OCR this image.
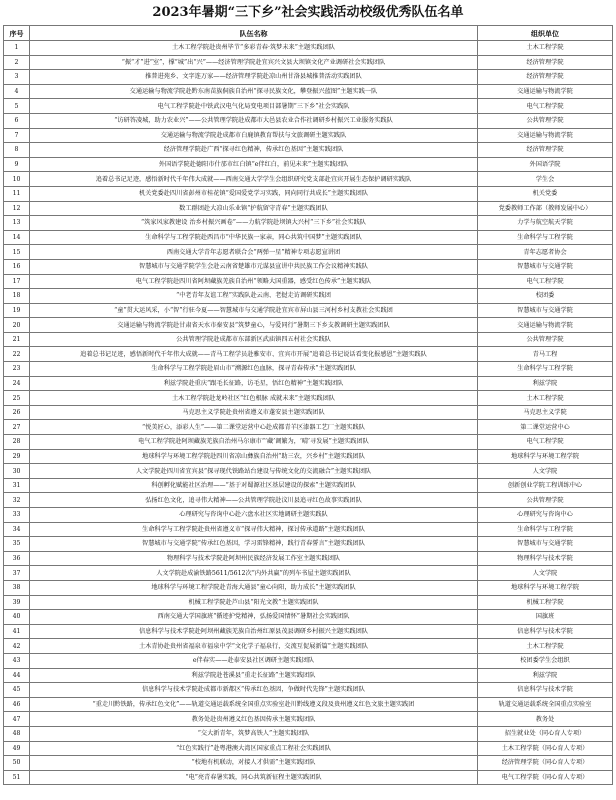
2023年暑期“三下乡”社会实践活动校级优秀队伍名单
序号	队伍名称	组织单位
1	土木工程学院赴贵州毕节“多彩青春·筑梦未来”主题实践团队	土木工程学院
2	“振“才”进“室”，撑“城”出“兴”——经济管理学院赴宜宾兴文县大坝镇文化产业调研社会实践团队	经济管理学院
3	推普进苑乡、文字连万家——经济管理学院赴凉山州甘洛县城推普活动实践团队	经济管理学院
4	交通运输与物流学院赴黔东南苗族侗族自治州“探寻民族文化，攀登振兴蓝图”主题实践一队	交通运输与物流学院
5	电气工程学院赴中铁武汉电气化局变电项目部暑期“三下乡”社会实践队	电气工程学院
6	“访研答凌城，助力农业兴”——公共管理学院赴成都市大邑县农业合作社调研乡村振兴工业服务实践队	公共管理学院
7	交通运输与物流学院赴成都市白鹿镇教育帮扶与文旅调研主题实践队	交通运输与物流学院
8	经济管理学院赴广西“探寻红色精神，传承红色基因”主题实践团队	经济管理学院
9	外国语学院赴德阳市什邡市红白镇“e伴红白，前见未来”主题实践团队	外国语学院
10	追着总书记足迹，感悟新时代千年伟大成就——西南交通大学学生会组织研究党支部赴宜宾开展生态保护调研实践队	学生会
11	机关党委赴四川省彭州市桂花镇“爱国爱党学习实践，同向同行共成长”主题实践团队	机关党委
12	数工群团赴大凉山乐业镇“护航留守青春”主题实践团队	党委教师工作部（教师发展中心）
13	“筑家风家教建设 治乡村振兴画卷”——力航学院赴坝镇大兴村“三下乡”社会实践队	力学与航空航天学院
14	生命科学与工程学院赴西昌市“中华民族一家亲，同心共筑中国梦”主题实践团队	生命科学与工程学院
15	西南交通大学青年志愿者联合会“两弹一星”精神专项志愿宣讲团	青年志愿者协会
16	智慧城市与交通学院学生会赴云南省楚雄市元谋县宣讲中共民族工作会议精神实践队	智慧城市与交通学院
17	电气工程学院赴四川省阿坝藏族羌族自治州“领略大国重器，感受红色传承”主题实践队	电气工程学院
18	“中老青年友谊工程”实践队赴云南、老挝走访调研实践团	校团委
19	“童”贯大运风采，小“智”行驻今夏——智慧城市与交通学院赴宜宾市屏山县三河村乡村支教社会实践团	智慧城市与交通学院
20	交通运输与物流学院赴甘肃省天水市秦安县“筑梦童心，与爱同行”暑期三下乡支教调研主题实践团队	交通运输与物流学院
21	公共管理学院赴成都市东部新区武庙镇四五村社会实践队	公共管理学院
22	追着总书记足迹，感悟新时代千年伟大成就——青马工程学员赴雅安市、宜宾市开展“追着总书记说话看变化报感恩”主题实践队	青马工程
23	生命科学与工程学院赴眉山市“溯源红色血脉，探寻青春传承”主题实践团队	生命科学与工程学院
24	利兹学院赴重庆“跟毛长征路，访毛星，悟红色精神”主题实践团队	利兹学院
25	土木工程学院赴龙岭社区“红色根脉 成就未来”主题实践团队	土木工程学院
26	马克思主义学院赴贵州省遵义市蓬安县主题实践团队	马克思主义学院
27	“悦美匠心，添彩人生”——第二课堂运营中心赴成都青羊区漆器工艺厂主题实践队	第二课堂运营中心
28	电气工程学院赴阿坝藏族羌族自治州马尔康市“‘藏’调繁为，‘晴’寻发展”主题实践团队	电气工程学院
29	地球科学与环境工程学院赴四川省凉山彝族自治州“助三农，兴乡村”主题实践团队	地球科学与环境工程学院
30	人文学院赴四川省宜宾县“探寻现代铁路站台建设与传统文化的交流融合”主题实践团队	人文学院
31	科创孵化赋能社区治理——“基于对蜀源社区基层建设的探索”主题实践团队	创新创业学院工程训练中心
32	弘扬红色文化，追寻伟大精神——公共管理学院赴汶川县追寻红色故事实践团队	公共管理学院
33	心理研究与咨询中心赴六盘水社区实地调研主题实践队	心理研究与咨询中心
34	生命科学与工程学院赴贵州省遵义市“探寻伟大精神，探讨传承道路”主题实践团队	生命科学与工程学院
35	智慧城市与交通学院“传承红色基因，学习雷锋精神，践行青春誓言”主题实践团队	智慧城市与交通学院
36	物理科学与技术学院赴阿坝州民族经济发展工作室主题实践团队	物理科学与技术学院
37	人文学院赴成渝铁路5611/5612次“内外共赢”的列车书屋主题实践团队	人文学院
38	地球科学与环境工程学院赴青海大通县“童心向阳，助力成长”主题实践团队	地球科学与环境工程学院
39	机械工程学院赴芦山县“阳光文教”主题实践团队	机械工程学院
40	西南交通大学国旗班“循迹护党精神，弘扬爱国情怀”暑期社会实践团队	国旗班
41	信息科学与技术学院赴阿坝州藏族羌族自治州红原县茂县调研乡村振兴主题实践团队	信息科学与技术学院
42	土木青协赴贵州省福泉市福泉中学“文化学子福泉行，交流互促展新篇”主题实践团队	土木工程学院
43	e伴春实——赴泰安县社区调研主题实践团队	校团委学生会组织
44	利兹学院赴苍溪县“重走长征路”主题实践团队	利兹学院
45	信息科学与技术学院赴成都市新都区“传承红色基因，争做时代先锋”主题实践团队	信息科学与技术学院
46	“重走川黔铁路，传承红色文化”——轨道交通运载系统全国重点实验室赴川黔线遵义段及贵州遵义红色文旅主题实践团	轨道交通运载系统全国重点实验室
47	教务处赴贵州遵义红色基因传承主题实践团队	教务处
48	“交大新青年，筑梦高铁人”主题实践团队	招生就业处（同心育人专项）
49	“红色实践行”赴粤港澳大湾区国家重点工程社会实践团队	土木工程学院（同心育人专项）
50	“校地有机联动，对接人才供需”主题实践团队	经济管理学院（同心育人专项）
51	“电”亮青春暑实践，同心共筑新征程主题实践团队	电气工程学院（同心育人专项）
